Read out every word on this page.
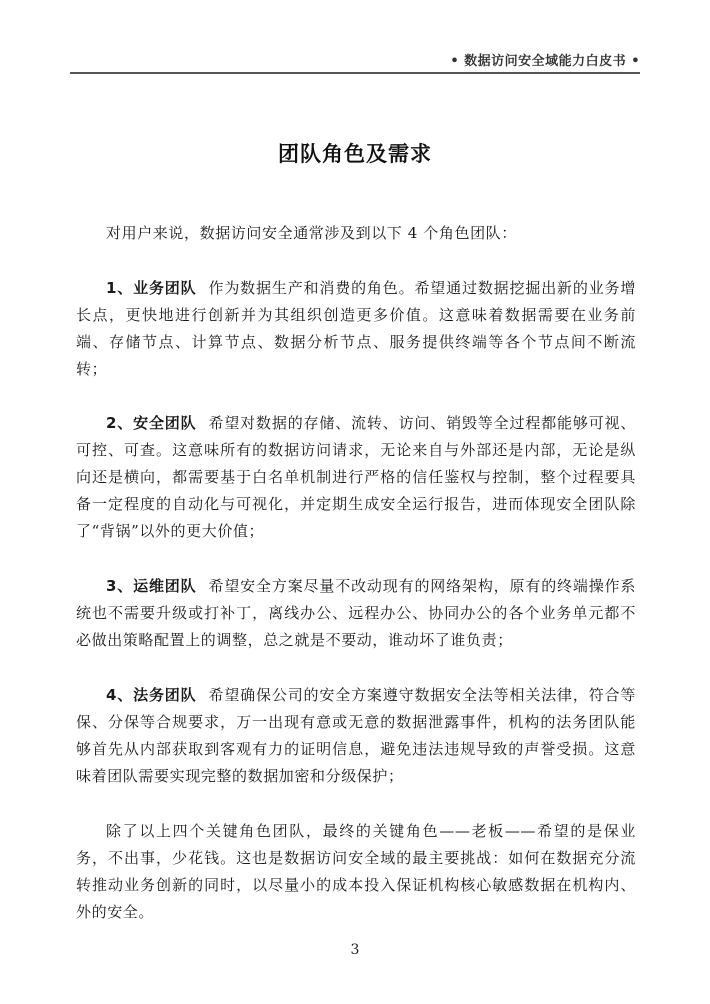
• 数据访问安全域能力白皮书 •
团队角色及需求

对用户来说，数据访问安全通常涉及到以下 4 个角色团队：

1、业务团队 作为数据生产和消费的角色。希望通过数据挖掘出新的业务增长点，更快地进行创新并为其组织创造更多价值。这意味着数据需要在业务前端、存储节点、计算节点、数据分析节点、服务提供终端等各个节点间不断流转；

2、安全团队 希望对数据的存储、流转、访问、销毁等全过程都能够可视、可控、可查。这意味所有的数据访问请求，无论来自与外部还是内部，无论是纵向还是横向，都需要基于白名单机制进行严格的信任鉴权与控制，整个过程要具备一定程度的自动化与可视化，并定期生成安全运行报告，进而体现安全团队除了“背锅”以外的更大价值；

3、运维团队 希望安全方案尽量不改动现有的网络架构，原有的终端操作系统也不需要升级或打补丁，离线办公、远程办公、协同办公的各个业务单元都不必做出策略配置上的调整，总之就是不要动，谁动坏了谁负责；

4、法务团队 希望确保公司的安全方案遵守数据安全法等相关法律，符合等保、分保等合规要求，万一出现有意或无意的数据泄露事件，机构的法务团队能够首先从内部获取到客观有力的证明信息，避免违法违规导致的声誉受损。这意味着团队需要实现完整的数据加密和分级保护；

除了以上四个关键角色团队，最终的关键角色——老板——希望的是保业务，不出事，少花钱。这也是数据访问安全域的最主要挑战：如何在数据充分流转推动业务创新的同时，以尽量小的成本投入保证机构核心敏感数据在机构内、外的安全。

3
